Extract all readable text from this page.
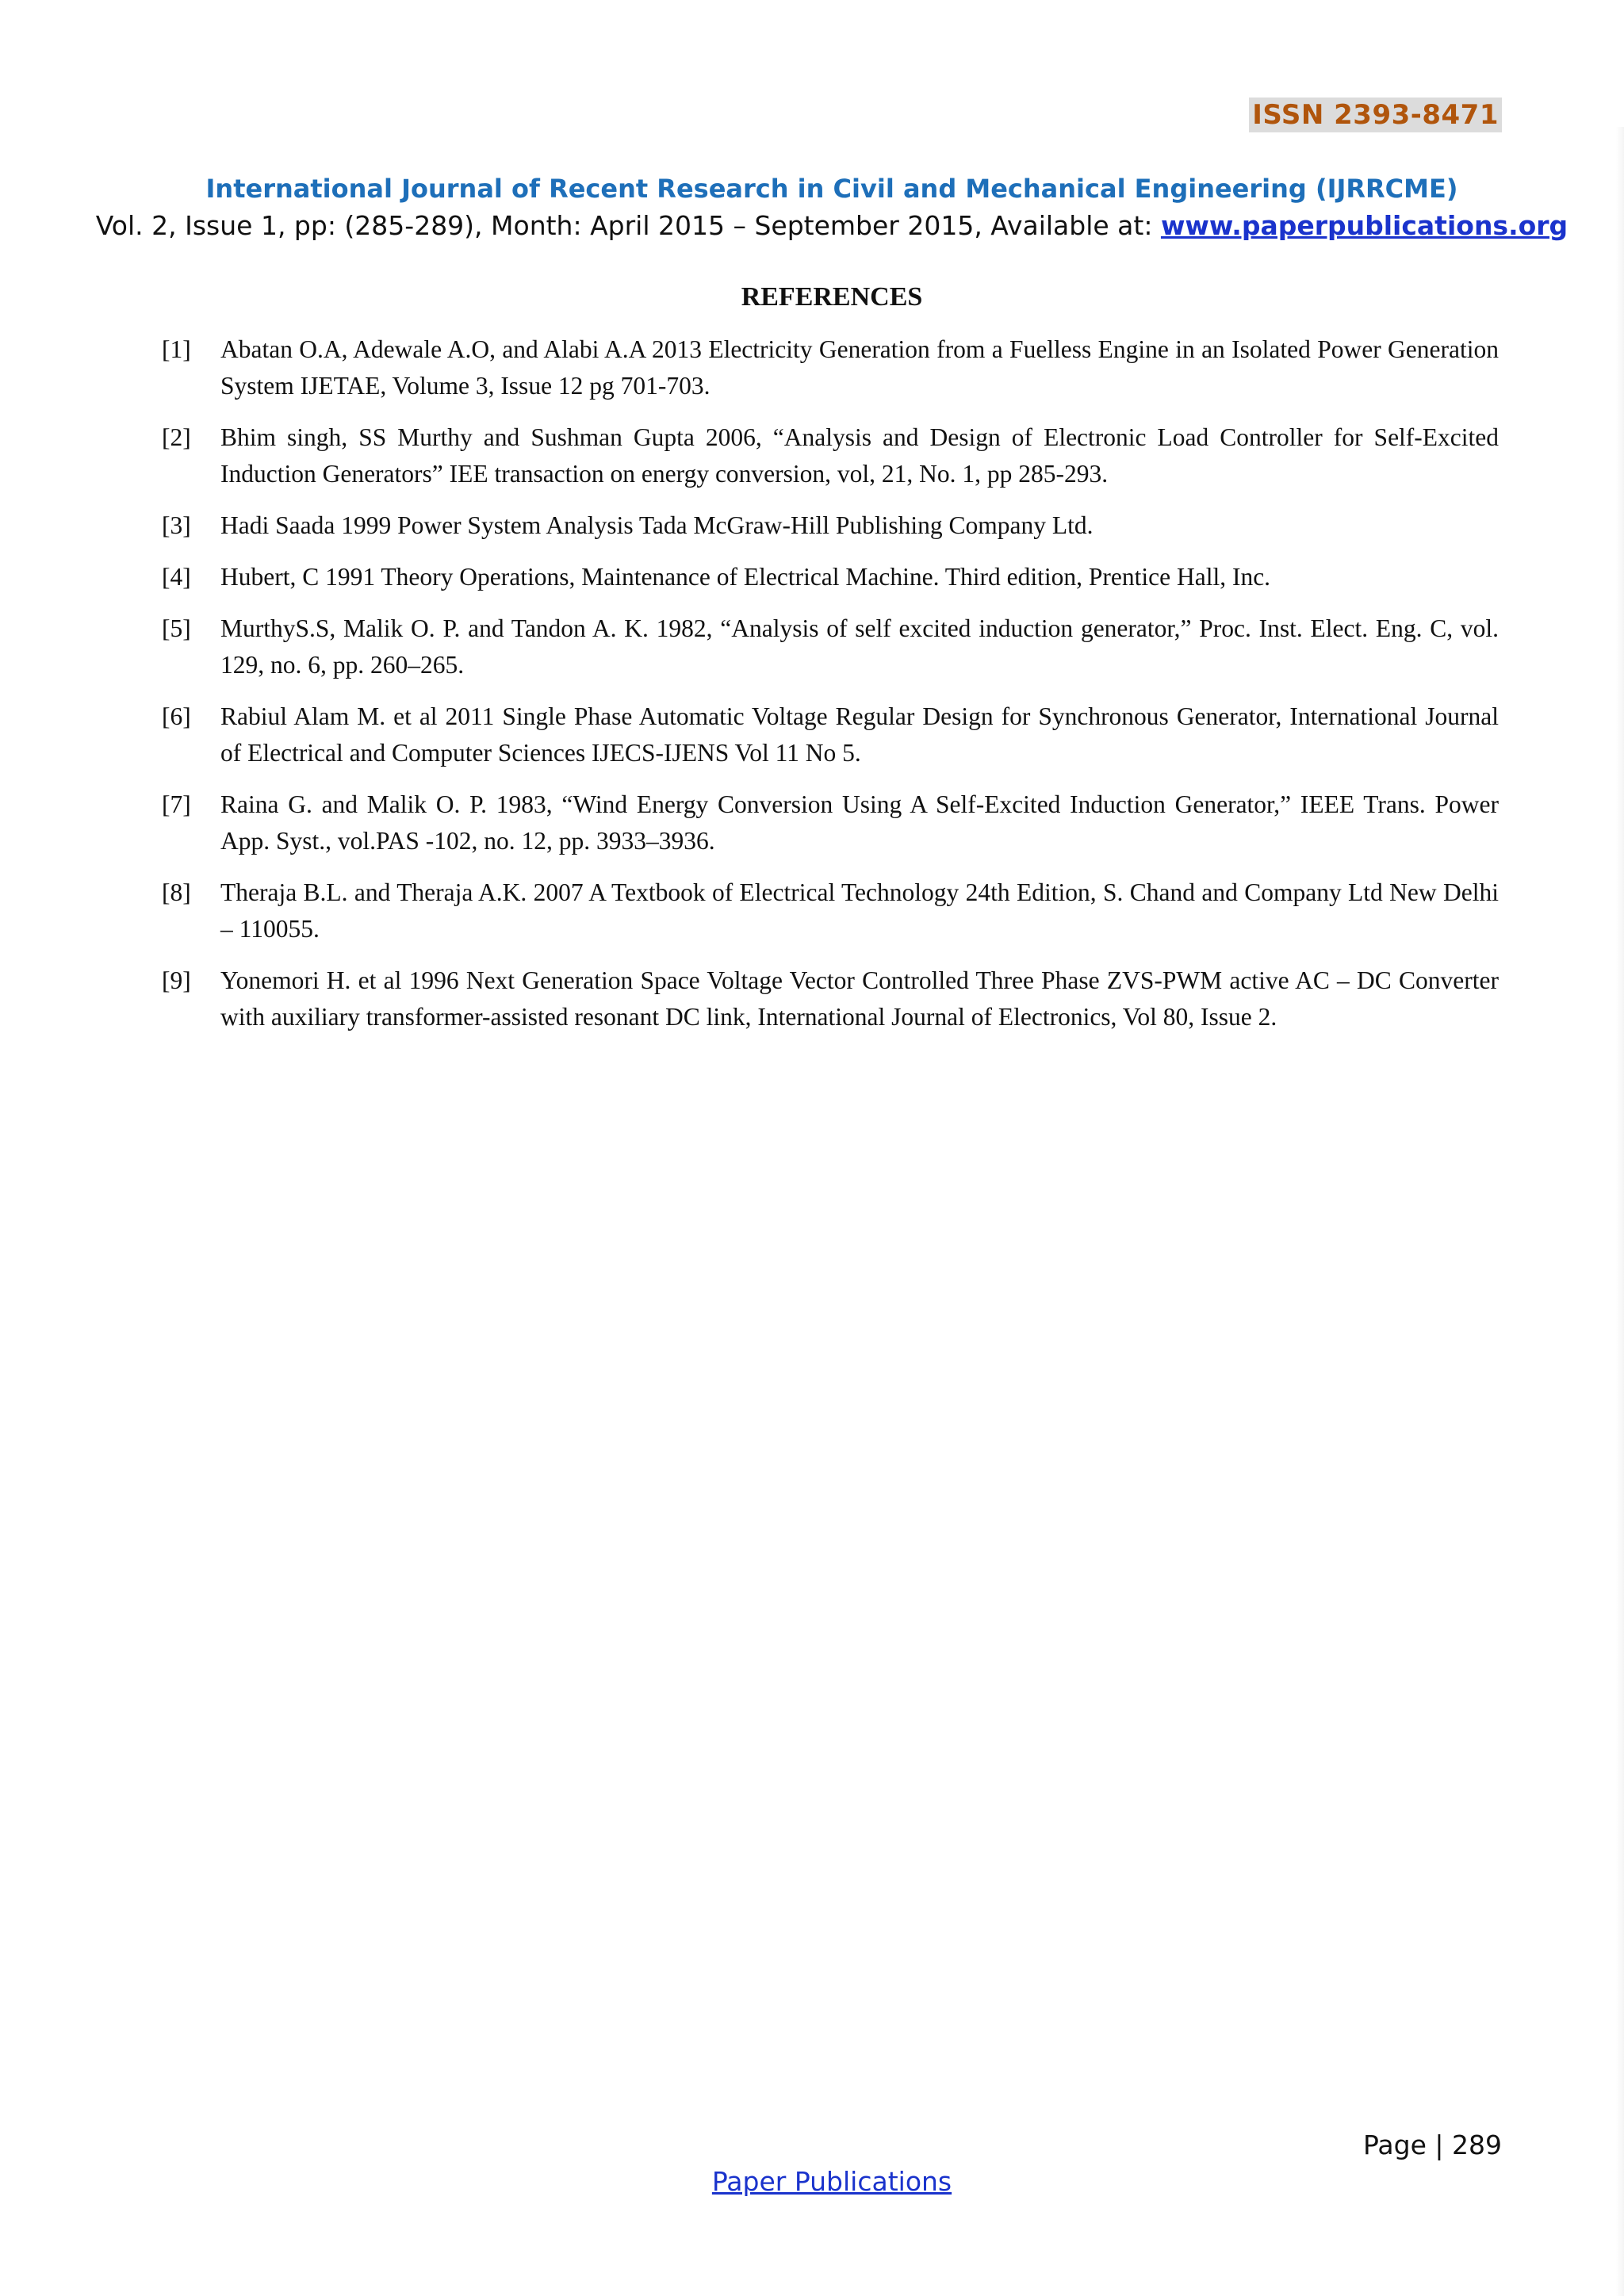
ISSN 2393-8471
International Journal of Recent Research in Civil and Mechanical Engineering (IJRRCME)
Vol. 2, Issue 1, pp: (285-289), Month: April 2015 – September 2015, Available at: www.paperpublications.org
REFERENCES
[1] Abatan O.A, Adewale A.O, and Alabi A.A 2013 Electricity Generation from a Fuelless Engine in an Isolated Power Generation System IJETAE, Volume 3, Issue 12 pg 701-703.
[2] Bhim singh, SS Murthy and Sushman Gupta 2006, “Analysis and Design of Electronic Load Controller for Self-Excited Induction Generators” IEE transaction on energy conversion, vol, 21, No. 1, pp 285-293.
[3] Hadi Saada 1999 Power System Analysis Tada McGraw-Hill Publishing Company Ltd.
[4] Hubert, C 1991 Theory Operations, Maintenance of Electrical Machine. Third edition, Prentice Hall, Inc.
[5] MurthyS.S, Malik O. P. and Tandon A. K. 1982, “Analysis of self excited induction generator,” Proc. Inst. Elect. Eng. C, vol. 129, no. 6, pp. 260–265.
[6] Rabiul Alam M. et al 2011 Single Phase Automatic Voltage Regular Design for Synchronous Generator, International Journal of Electrical and Computer Sciences IJECS-IJENS Vol 11 No 5.
[7] Raina G. and Malik O. P. 1983, “Wind Energy Conversion Using A Self-Excited Induction Generator,” IEEE Trans. Power App. Syst., vol.PAS -102, no. 12, pp. 3933–3936.
[8] Theraja B.L. and Theraja A.K. 2007 A Textbook of Electrical Technology 24th Edition, S. Chand and Company Ltd New Delhi – 110055.
[9] Yonemori H. et al 1996 Next Generation Space Voltage Vector Controlled Three Phase ZVS-PWM active AC – DC Converter with auxiliary transformer-assisted resonant DC link, International Journal of Electronics, Vol 80, Issue 2.
Page | 289
Paper Publications
